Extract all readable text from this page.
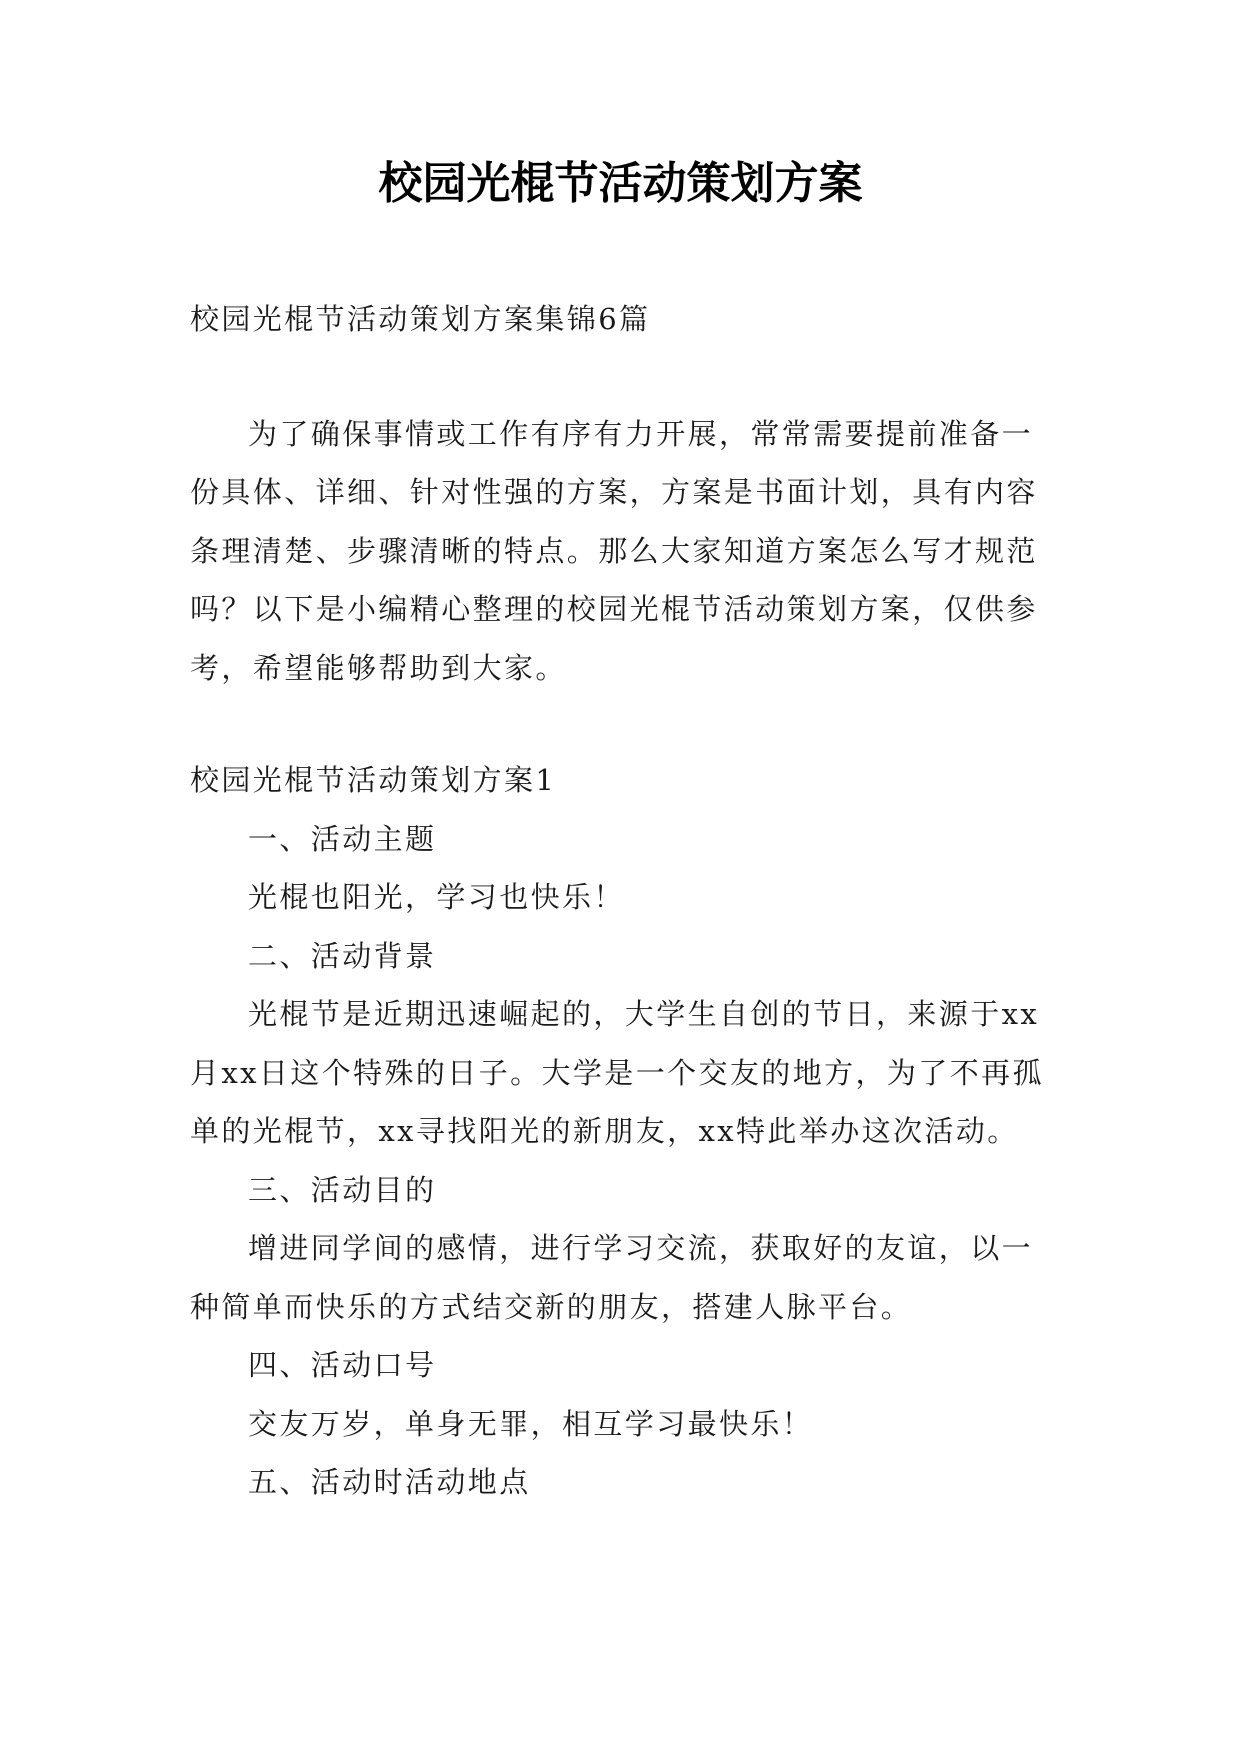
校园光棍节活动策划方案

校园光棍节活动策划方案集锦6篇

为了确保事情或工作有序有力开展，常常需要提前准备一份具体、详细、针对性强的方案，方案是书面计划，具有内容条理清楚、步骤清晰的特点。那么大家知道方案怎么写才规范吗？以下是小编精心整理的校园光棍节活动策划方案，仅供参考，希望能够帮助到大家。

校园光棍节活动策划方案1

一、活动主题

光棍也阳光，学习也快乐！

二、活动背景

光棍节是近期迅速崛起的，大学生自创的节日，来源于xx月xx日这个特殊的日子。大学是一个交友的地方，为了不再孤单的光棍节，xx寻找阳光的新朋友，xx特此举办这次活动。

三、活动目的

增进同学间的感情，进行学习交流，获取好的友谊，以一种简单而快乐的方式结交新的朋友，搭建人脉平台。

四、活动口号

交友万岁，单身无罪，相互学习最快乐！

五、活动时活动地点
